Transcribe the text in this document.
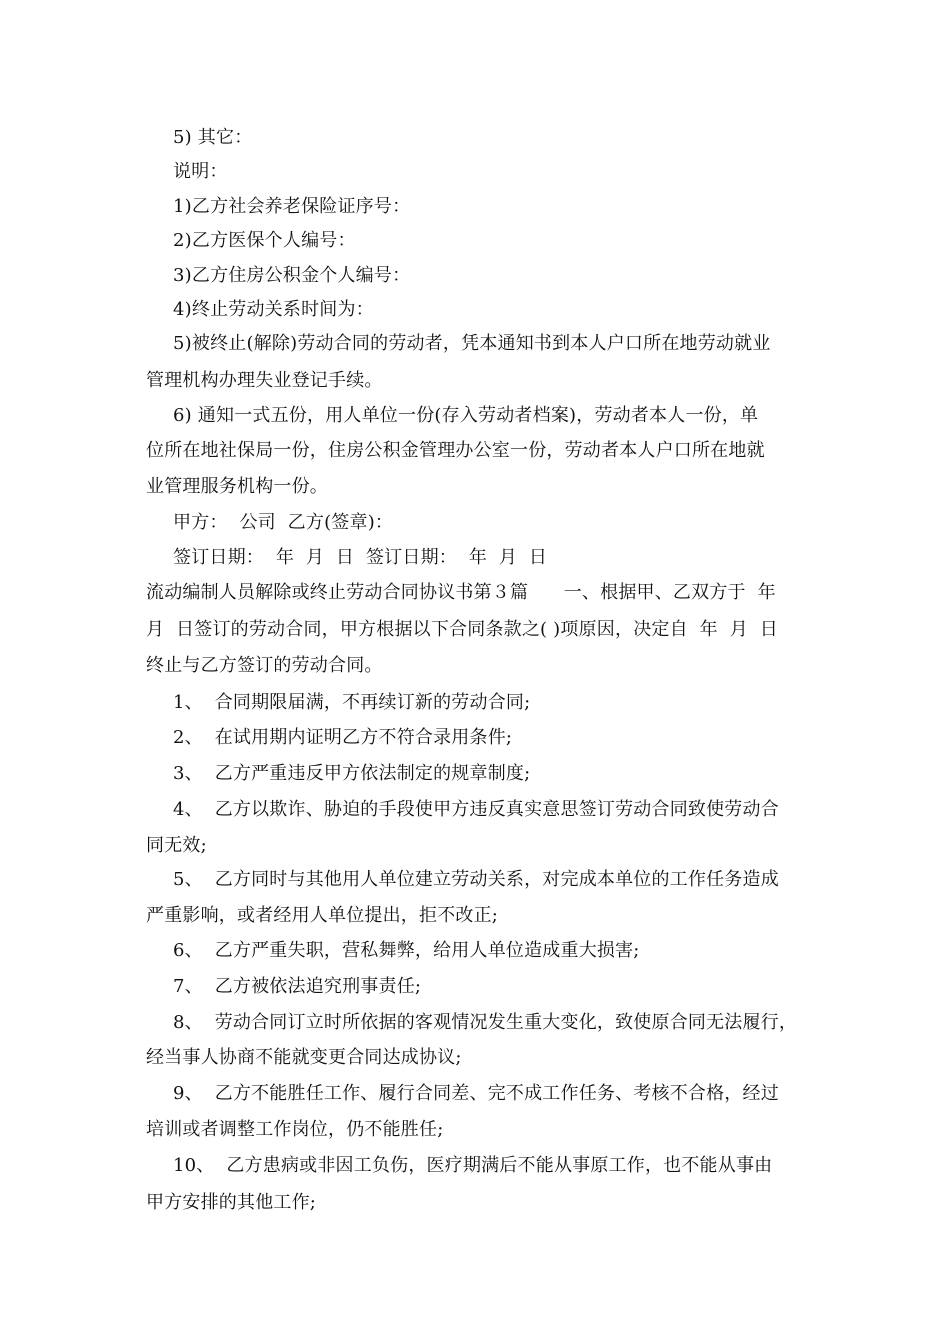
5) 其它：
说明：
1)乙方社会养老保险证序号：
2)乙方医保个人编号：
3)乙方住房公积金个人编号：
4)终止劳动关系时间为：
5)被终止(解除)劳动合同的劳动者，凭本通知书到本人户口所在地劳动就业
管理机构办理失业登记手续。
6) 通知一式五份，用人单位一份(存入劳动者档案)，劳动者本人一份，单
位所在地社保局一份，住房公积金管理办公室一份，劳动者本人户口所在地就
业管理服务机构一份。
甲方：  公司  乙方(签章)：
签订日期：  年  月  日  签订日期：  年  月  日
流动编制人员解除或终止劳动合同协议书第３篇      一、根据甲、乙双方于  年
月  日签订的劳动合同，甲方根据以下合同条款之( )项原因，决定自  年  月  日
终止与乙方签订的劳动合同。
1、  合同期限届满，不再续订新的劳动合同;
2、  在试用期内证明乙方不符合录用条件;
3、  乙方严重违反甲方依法制定的规章制度;
4、  乙方以欺诈、胁迫的手段使甲方违反真实意思签订劳动合同致使劳动合
同无效;
5、  乙方同时与其他用人单位建立劳动关系，对完成本单位的工作任务造成
严重影响，或者经用人单位提出，拒不改正;
6、  乙方严重失职，营私舞弊，给用人单位造成重大损害;
7、  乙方被依法追究刑事责任;
8、  劳动合同订立时所依据的客观情况发生重大变化，致使原合同无法履行，
经当事人协商不能就变更合同达成协议;
9、  乙方不能胜任工作、履行合同差、完不成工作任务、考核不合格，经过
培训或者调整工作岗位，仍不能胜任;
10、  乙方患病或非因工负伤，医疗期满后不能从事原工作，也不能从事由
甲方安排的其他工作;
